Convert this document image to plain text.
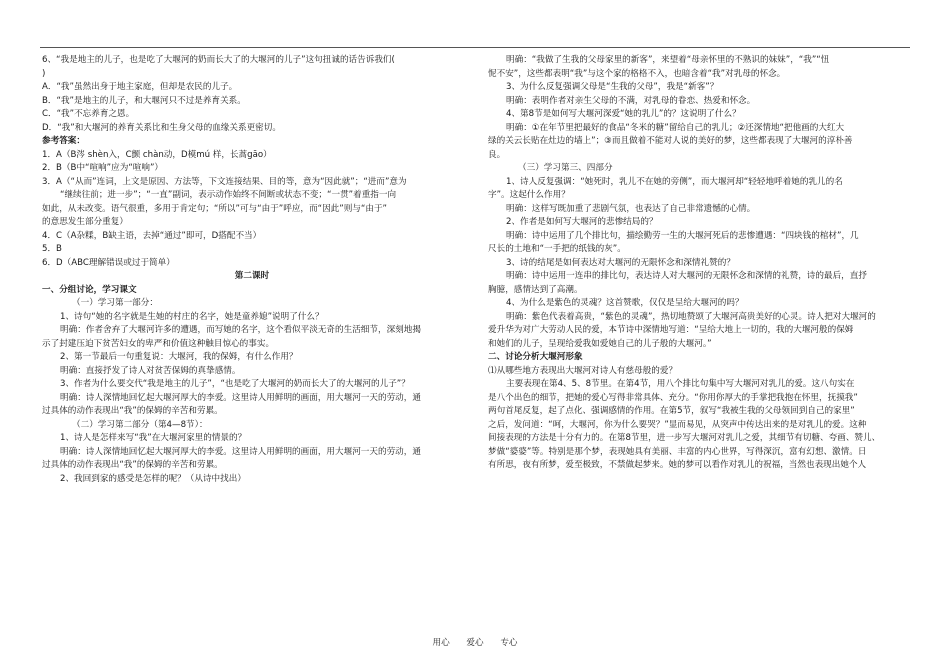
6、“我是地主的儿子，也是吃了大堰河的奶而长大了的大堰河的儿子”这句扭诚的话告诉我们(
)
A．“我”虽然出身于地主家庭，但却是农民的儿子。
B．“我”是地主的儿子，和大堰河只不过是养育关系。
C．“我”不忘养育之恩。
D．“我”和大堰河的养育关系比和生身父母的血缘关系更密切。
参考答案：
1．A（B涔 shèn入，C颤 chàn动，D模mú 样，长蒿gāo）
2．B（B中“喧响”应为“喧响”）
3．A（“从而”连词，上文是原因、方法等，下文连接结果、目的等，意为“因此就”；“进而”意为
“继续往前；进一步”；“一直”副词，表示动作始终不间断或状态不变；“一贯”着重指一向
如此，从未改变。语气很重，多用于肯定句；“所以”可与“由于”呼应，而“因此”则与“由于”
的意思发生部分重复）
4．C（A杂糅，B缺主语，去掉“通过”即可，D搭配不当）
5．B
6．D（ABC理解错误或过于简单）
第二课时
一、分组讨论，学习课文
（一）学习第一部分：
1、诗句“她的名字就是生她的村庄的名字，她是童养媳”说明了什么？
明确：作者舍弃了大堰河许多的遭遇，而写她的名字，这个看似平淡无奇的生活细节，深刻地揭
示了封建压迫下贫苦妇女的卑严和价值这种触目惊心的事实。
2、第一节最后一句重复说：大堰河，我的保姆，有什么作用？
明确：直接抒发了诗人对贫苦保姆的真挚感情。
3、作者为什么要交代“我是地主的儿子”，“也是吃了大堰河的奶而长大了的大堰河的儿子”？
明确：诗人深情地回忆起大堰河厚大的李爱。这里诗人用鲜明的画面，用大堰河一天的劳动，通
过具体的动作表现出“我”的保姆的辛苦和劳累。
（二）学习第二部分（第4—8节）：
1、诗人是怎样来写“我”在大堰河家里的情景的？
明确：诗人深情地回忆起大堰河厚大的李爱。这里诗人用鲜明的画面，用大堰河一天的劳动，通
过具体的动作表现出“我”的保姆的辛苦和劳累。
2、我回到家的感受是怎样的呢？（从诗中找出）
明确：“我做了生我的父母家里的新客”，来望着“母亲怀里的不熟识的妹妹”，“我”“忸
怩不安”，这些都表明“我”与这个家的格格不入，也暗含着“我”对乳母的怀念。
3、为什么反复强调父母是“生我的父母”，我是“新客”？
明确：表明作者对亲生父母的不满，对乳母的眷恋、热爱和怀念。
4、第8节是如何写大堰河深爱“她的乳儿”的？这说明了什么？
明确：①在年节里把最好的食品“冬米的糖”留给自己的乳儿；②还深情地“把他画的大红大
绿的关云长贴在灶边的墙上”；③而且做着不能对人说的美好的梦，这些都表现了大堰河的淳朴善
良。
（三）学习第三、四部分
1、诗人反复强调：“她死时，乳儿不在她的旁侧”，而大堰河却“轻轻地呼着她的乳儿的名
字”。这起什么作用？
明确：这样写既加重了悲剧气氛，也表达了自己非常遗憾的心情。
2、作者是如何写大堰河的悲惨结局的？
明确：诗中运用了几个排比句，描绘勤劳一生的大堰河死后的悲惨遭遇：“四块钱的棺材”，几
尺长的土地和“一手把的纸钱的灰”。
3、诗的结尾是如何表达对大堰河的无限怀念和深情礼赞的？
明确：诗中运用一连串的排比句，表达诗人对大堰河的无限怀念和深情的礼赞，诗的最后，直抒
胸臆，感情达到了高潮。
4、为什么是紫色的灵魂？这首赞歌，仅仅是呈给大堰河的吗？
明确：紫色代表着高贵，“紫色的灵魂”，热切地赞颂了大堰河高贵美好的心灵。诗人把对大堰河的
爱升华为对广大劳动人民的爱，本节诗中深情地写道：“呈给大地上一切的，我的大堰河般的保姆
和她们的儿子，呈现给爱我如爱她自己的儿子般的大堰河。”
二、讨论分析大堰河形象
⑴从哪些地方表现出大堰河对诗人有慈母般的爱？
主要表现在第4、5、8节里。在第4节，用八个排比句集中写大堰河对乳儿的爱。这八句实在
是八个出色的细节，把她的爱心写得非常具体、充分。“你用你厚大的手掌把我抱在怀里，抚摸我”
两句首尾反复，起了点化、强调感情的作用。在第5节，叙写“我被生我的父母领回到自己的家里”
之后，发问道：“呵，大堰河，你为什么要哭？”显而易见，从突声中传达出来的是对乳儿的爱。这种
间接表现的方法是十分有力的。在第8节里，进一步写大堰河对乳儿之爱，其细节有切糖、夸画、赞儿、
梦做“婆婆”等。特别是那个梦，表现她具有美丽、丰富的内心世界，写得深沉，富有幻想、激情。日
有所思，夜有所梦，爱至极致，不禁做起梦来。她的梦可以看作对乳儿的祝福，当然也表现出她个人
用心 爱心 专心
